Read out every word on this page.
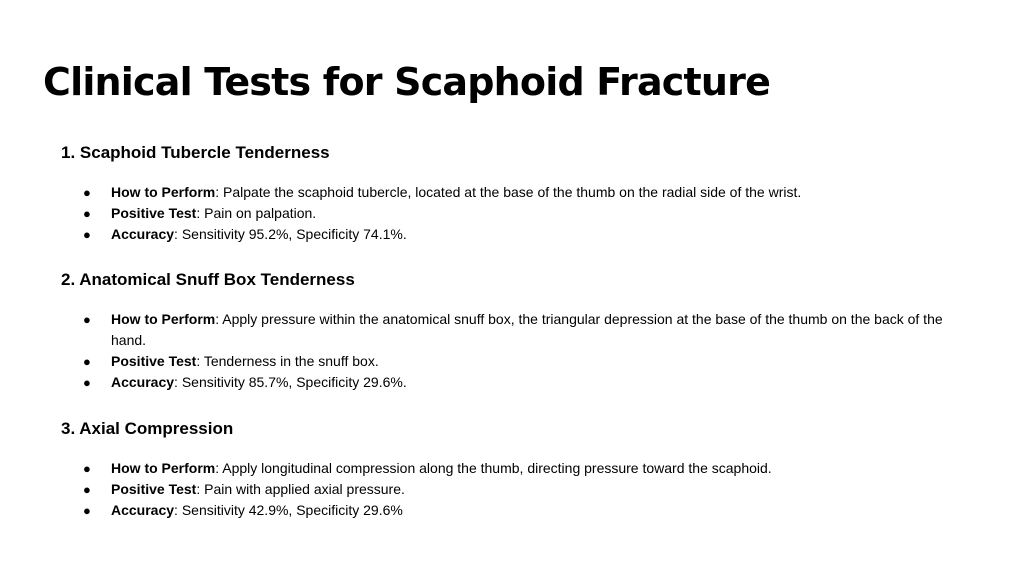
Clinical Tests for Scaphoid Fracture
1. Scaphoid Tubercle Tenderness
● How to Perform: Palpate the scaphoid tubercle, located at the base of the thumb on the radial side of the wrist.
● Positive Test: Pain on palpation.
● Accuracy: Sensitivity 95.2%, Specificity 74.1%.
2. Anatomical Snuff Box Tenderness
● How to Perform: Apply pressure within the anatomical snuff box, the triangular depression at the base of the thumb on the back of the hand.
● Positive Test: Tenderness in the snuff box.
● Accuracy: Sensitivity 85.7%, Specificity 29.6%.
3. Axial Compression
● How to Perform: Apply longitudinal compression along the thumb, directing pressure toward the scaphoid.
● Positive Test: Pain with applied axial pressure.
● Accuracy: Sensitivity 42.9%, Specificity 29.6%
